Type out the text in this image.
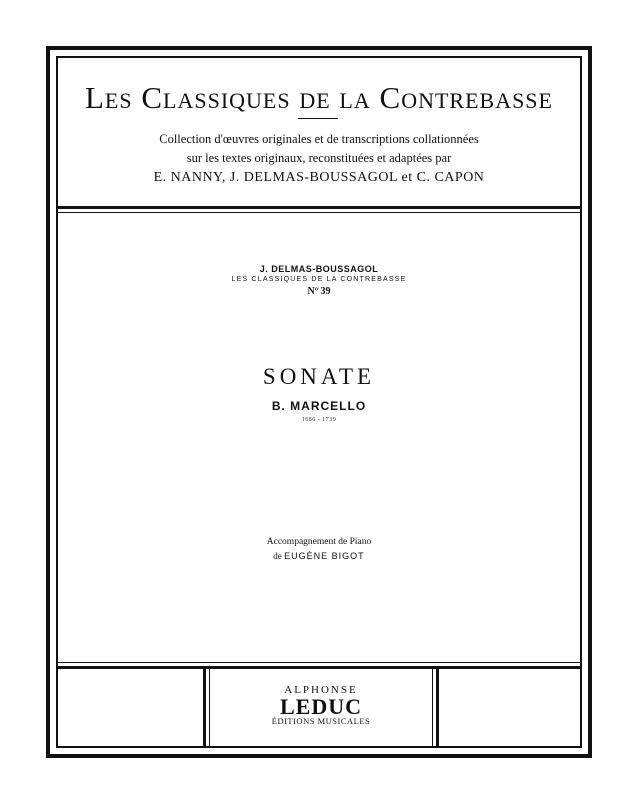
Les Classiques de la Contrebasse
Collection d'œuvres originales et de transcriptions collationnées
sur les textes originaux, reconstituées et adaptées par
E. NANNY, J. DELMAS-BOUSSAGOL et C. CAPON
J. DELMAS-BOUSSAGOL
LES CLASSIQUES DE LA CONTREBASSE
Nº 39
SONATE
B. MARCELLO
1686 - 1739
Accompagnement de Piano
de EUGÈNE BIGOT
ALPHONSE
LEDUC
ÉDITIONS MUSICALES
